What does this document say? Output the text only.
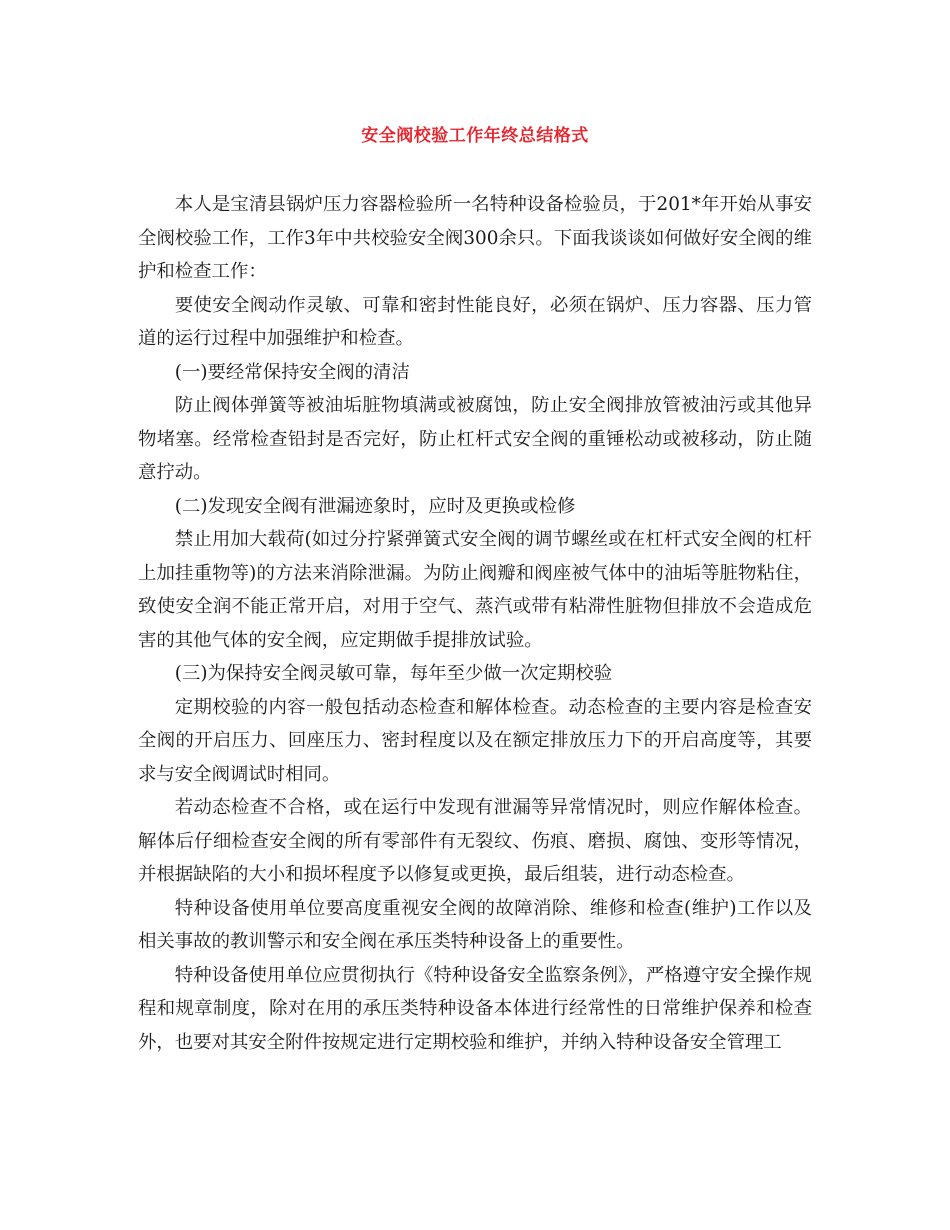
安全阀校验工作年终总结格式

本人是宝清县锅炉压力容器检验所一名特种设备检验员，于201*年开始从事安全阀校验工作，工作3年中共校验安全阀300余只。下面我谈谈如何做好安全阀的维护和检查工作：

要使安全阀动作灵敏、可靠和密封性能良好，必须在锅炉、压力容器、压力管道的运行过程中加强维护和检查。

(一)要经常保持安全阀的清洁

防止阀体弹簧等被油垢脏物填满或被腐蚀，防止安全阀排放管被油污或其他异物堵塞。经常检查铅封是否完好，防止杠杆式安全阀的重锤松动或被移动，防止随意拧动。

(二)发现安全阀有泄漏迹象时，应时及更换或检修

禁止用加大载荷(如过分拧紧弹簧式安全阀的调节螺丝或在杠杆式安全阀的杠杆上加挂重物等)的方法来消除泄漏。为防止阀瓣和阀座被气体中的油垢等脏物粘住，致使安全润不能正常开启，对用于空气、蒸汽或带有粘滞性脏物但排放不会造成危害的其他气体的安全阀，应定期做手提排放试验。

(三)为保持安全阀灵敏可靠，每年至少做一次定期校验

定期校验的内容一般包括动态检查和解体检查。动态检查的主要内容是检查安全阀的开启压力、回座压力、密封程度以及在额定排放压力下的开启高度等，其要求与安全阀调试时相同。

若动态检查不合格，或在运行中发现有泄漏等异常情况时，则应作解体检查。解体后仔细检查安全阀的所有零部件有无裂纹、伤痕、磨损、腐蚀、变形等情况，并根据缺陷的大小和损坏程度予以修复或更换，最后组装，进行动态检查。

特种设备使用单位要高度重视安全阀的故障消除、维修和检查(维护)工作以及相关事故的教训警示和安全阀在承压类特种设备上的重要性。

特种设备使用单位应贯彻执行《特种设备安全监察条例》，严格遵守安全操作规程和规章制度，除对在用的承压类特种设备本体进行经常性的日常维护保养和检查外，也要对其安全附件按规定进行定期校验和维护，并纳入特种设备安全管理工
